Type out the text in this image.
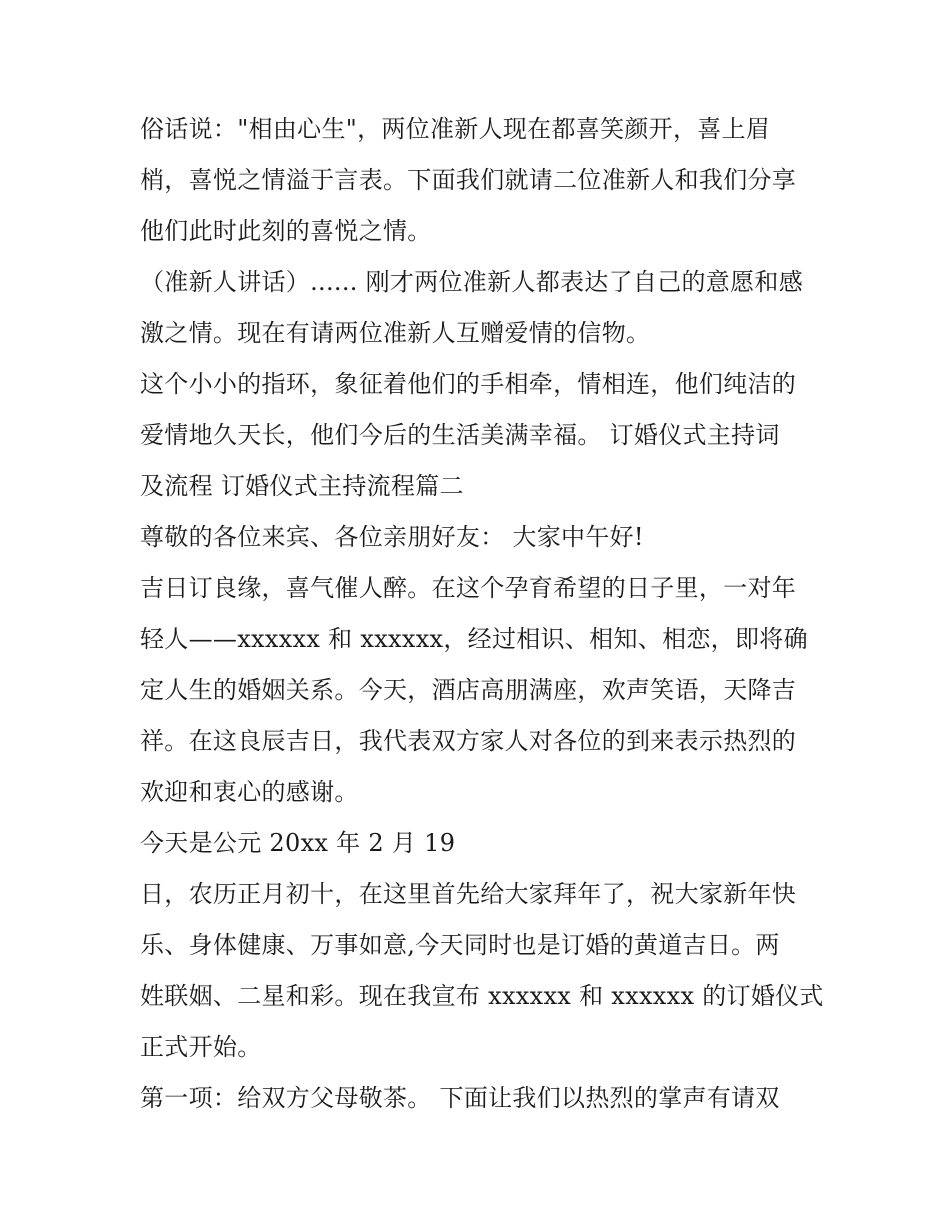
俗话说："相由心生"，两位准新人现在都喜笑颜开，喜上眉
梢，喜悦之情溢于言表。下面我们就请二位准新人和我们分享
他们此时此刻的喜悦之情。
（准新人讲话）...... 刚才两位准新人都表达了自己的意愿和感
激之情。现在有请两位准新人互赠爱情的信物。
这个小小的指环，象征着他们的手相牵，情相连，他们纯洁的
爱情地久天长，他们今后的生活美满幸福。 订婚仪式主持词
及流程 订婚仪式主持流程篇二
尊敬的各位来宾、各位亲朋好友： 大家中午好!
吉日订良缘，喜气催人醉。在这个孕育希望的日子里，一对年
轻人——xxxxxx 和 xxxxxx，经过相识、相知、相恋，即将确
定人生的婚姻关系。今天，酒店高朋满座，欢声笑语，天降吉
祥。在这良辰吉日，我代表双方家人对各位的到来表示热烈的
欢迎和衷心的感谢。
今天是公元 20xx 年 2 月 19
日，农历正月初十，在这里首先给大家拜年了，祝大家新年快
乐、身体健康、万事如意,今天同时也是订婚的黄道吉日。两
姓联姻、二星和彩。现在我宣布 xxxxxx 和 xxxxxx 的订婚仪式
正式开始。
第一项：给双方父母敬茶。 下面让我们以热烈的掌声有请双
